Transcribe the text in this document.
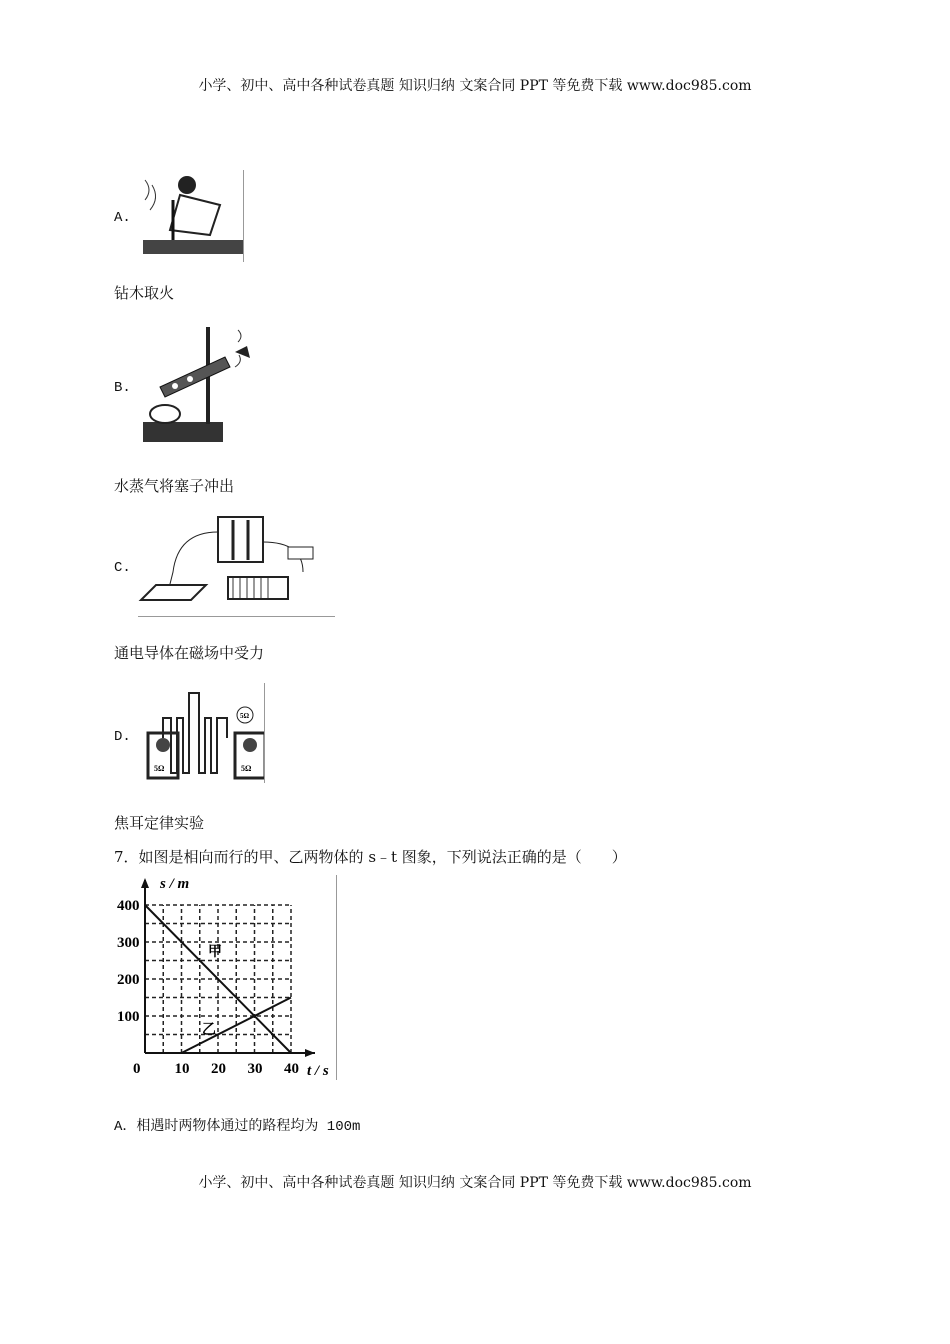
小学、初中、高中各种试卷真题 知识归纳 文案合同 PPT 等免费下载 www.doc985.com
A.
钻木取火
B.
水蒸气将塞子冲出
C.
通电导体在磁场中受力
D.
5Ω	5Ω
5Ω
焦耳定律实验
7．如图是相向而行的甲、乙两物体的 s﹣t 图象，下列说法正确的是（　　）
s / m
t / s
0 10 20 30 40
100
200
300
400
甲
乙
A．相遇时两物体通过的路程均为 100m
小学、初中、高中各种试卷真题 知识归纳 文案合同 PPT 等免费下载 www.doc985.com
